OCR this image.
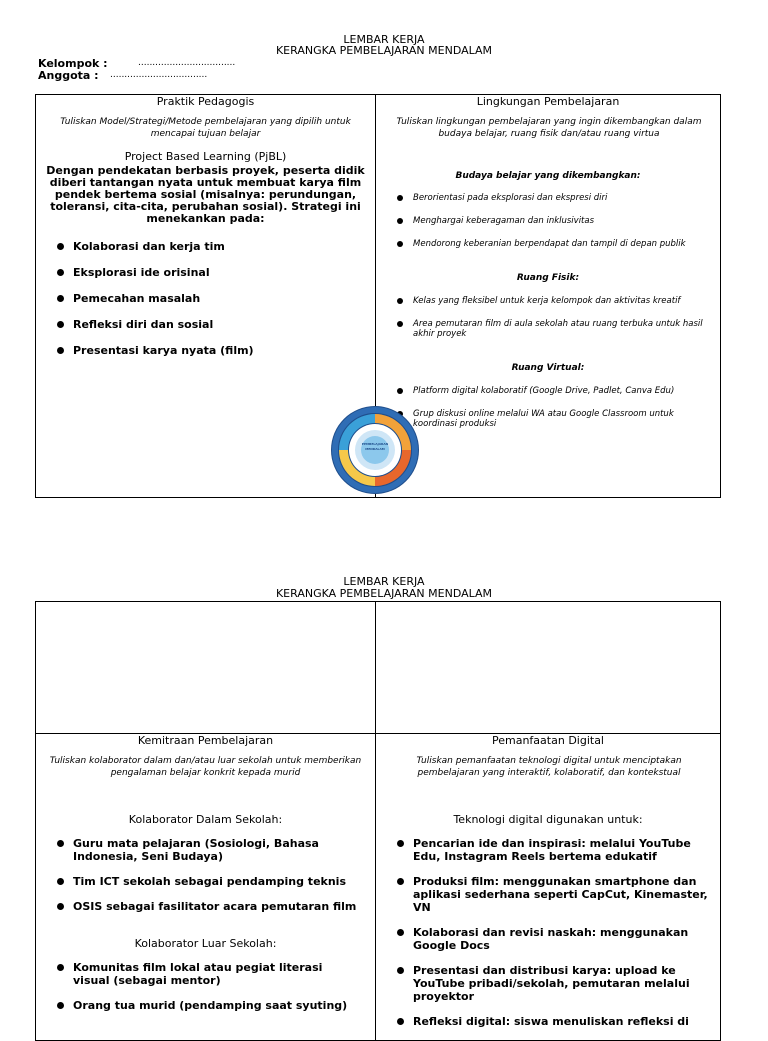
LEMBAR KERJA
KERANGKA PEMBELAJARAN MENDALAM
Kelompok :	..................................
Anggota : ..................................
Praktik Pedagogis
Tuliskan Model/Strategi/Metode pembelajaran yang dipilih untuk mencapai tujuan belajar
Project Based Learning (PjBL)
Dengan pendekatan berbasis proyek, peserta didik diberi tantangan nyata untuk membuat karya film pendek bertema sosial (misalnya: perundungan, toleransi, cita-cita, perubahan sosial). Strategi ini menekankan pada:
Kolaborasi dan kerja tim
Eksplorasi ide orisinal
Pemecahan masalah
Refleksi diri dan sosial
Presentasi karya nyata (film)
Lingkungan Pembelajaran
Tuliskan lingkungan pembelajaran yang ingin dikembangkan dalam budaya belajar, ruang fisik dan/atau ruang virtua
Budaya belajar yang dikembangkan:
Berorientasi pada eksplorasi dan ekspresi diri
Menghargai keberagaman dan inklusivitas
Mendorong keberanian berpendapat dan tampil di depan publik
Ruang Fisik:
Kelas yang fleksibel untuk kerja kelompok dan aktivitas kreatif
Area pemutaran film di aula sekolah atau ruang terbuka untuk hasil akhir proyek
Ruang Virtual:
Platform digital kolaboratif (Google Drive, Padlet, Canva Edu)
Grup diskusi online melalui WA atau Google Classroom untuk koordinasi produksi
PEMBELAJARAN MENDALAM
LEMBAR KERJA
KERANGKA PEMBELAJARAN MENDALAM
Kemitraan Pembelajaran
Tuliskan kolaborator dalam dan/atau luar sekolah untuk memberikan pengalaman belajar konkrit kepada murid
Kolaborator Dalam Sekolah:
Guru mata pelajaran (Sosiologi, Bahasa Indonesia, Seni Budaya)
Tim ICT sekolah sebagai pendamping teknis
OSIS sebagai fasilitator acara pemutaran film
Kolaborator Luar Sekolah:
Komunitas film lokal atau pegiat literasi visual (sebagai mentor)
Orang tua murid (pendamping saat syuting)
Pemanfaatan Digital
Tuliskan pemanfaatan teknologi digital untuk menciptakan pembelajaran yang interaktif, kolaboratif, dan kontekstual
Teknologi digital digunakan untuk:
Pencarian ide dan inspirasi: melalui YouTube Edu, Instagram Reels bertema edukatif
Produksi film: menggunakan smartphone dan aplikasi sederhana seperti CapCut, Kinemaster, VN
Kolaborasi dan revisi naskah: menggunakan Google Docs
Presentasi dan distribusi karya: upload ke YouTube pribadi/sekolah, pemutaran melalui proyektor
Refleksi digital: siswa menuliskan refleksi di
